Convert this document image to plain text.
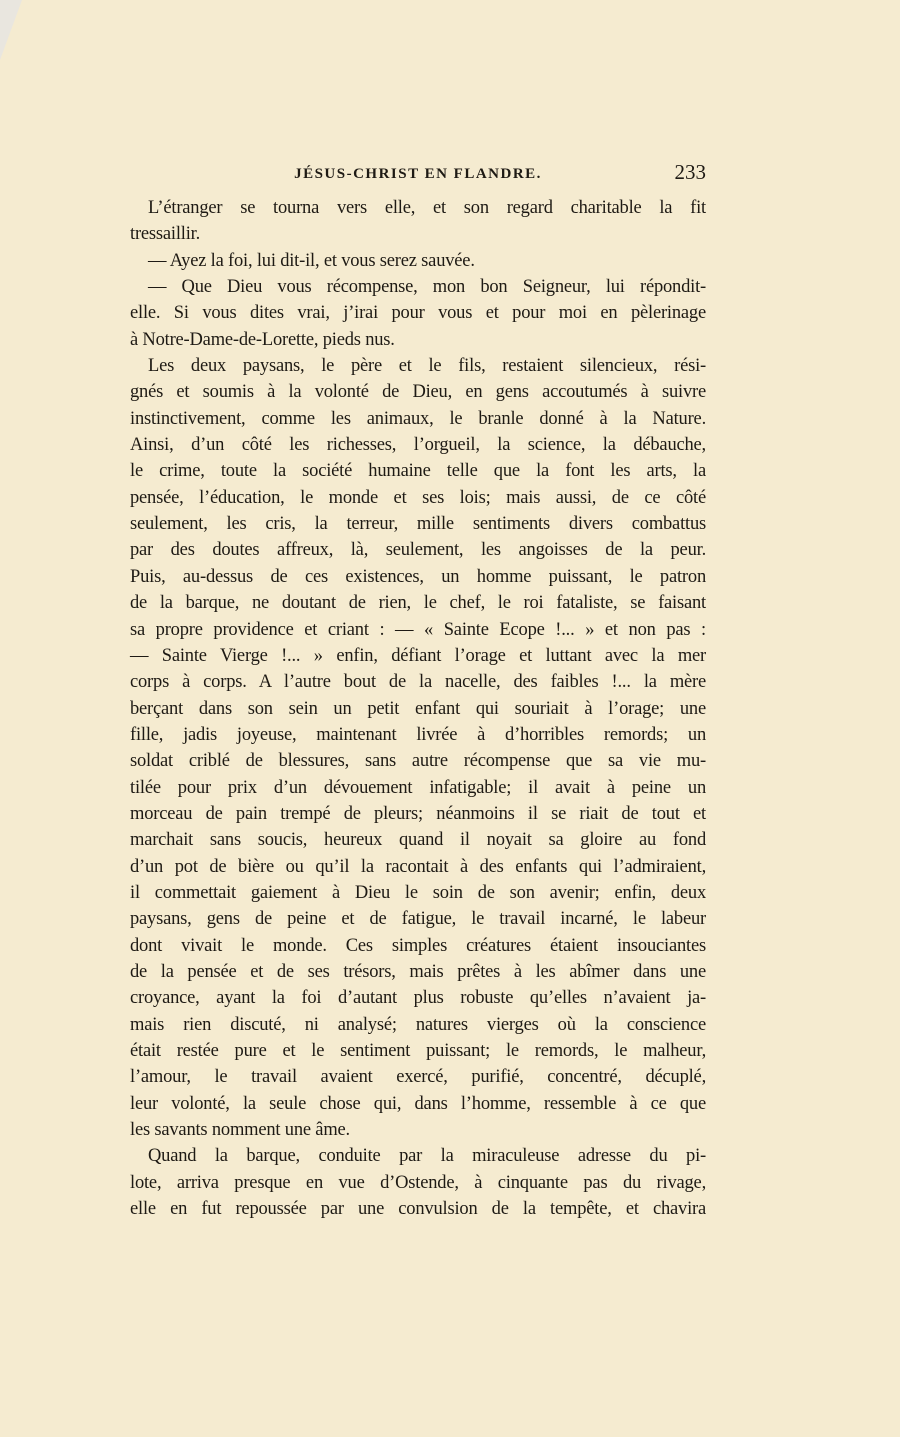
JÉSUS-CHRIST EN FLANDRE.	233
L’étranger se tourna vers elle, et son regard charitable la fit
tressaillir.
— Ayez la foi, lui dit-il, et vous serez sauvée.
— Que Dieu vous récompense, mon bon Seigneur, lui répondit-
elle. Si vous dites vrai, j’irai pour vous et pour moi en pèlerinage
à Notre-Dame-de-Lorette, pieds nus.
Les deux paysans, le père et le fils, restaient silencieux, rési-
gnés et soumis à la volonté de Dieu, en gens accoutumés à suivre
instinctivement, comme les animaux, le branle donné à la Nature.
Ainsi, d’un côté les richesses, l’orgueil, la science, la débauche,
le crime, toute la société humaine telle que la font les arts, la
pensée, l’éducation, le monde et ses lois; mais aussi, de ce côté
seulement, les cris, la terreur, mille sentiments divers combattus
par des doutes affreux, là, seulement, les angoisses de la peur.
Puis, au-dessus de ces existences, un homme puissant, le patron
de la barque, ne doutant de rien, le chef, le roi fataliste, se faisant
sa propre providence et criant : — « Sainte Ecope !... » et non pas :
— Sainte Vierge !... » enfin, défiant l’orage et luttant avec la mer
corps à corps. A l’autre bout de la nacelle, des faibles !... la mère
berçant dans son sein un petit enfant qui souriait à l’orage; une
fille, jadis joyeuse, maintenant livrée à d’horribles remords; un
soldat criblé de blessures, sans autre récompense que sa vie mu-
tilée pour prix d’un dévouement infatigable; il avait à peine un
morceau de pain trempé de pleurs; néanmoins il se riait de tout et
marchait sans soucis, heureux quand il noyait sa gloire au fond
d’un pot de bière ou qu’il la racontait à des enfants qui l’admiraient,
il commettait gaiement à Dieu le soin de son avenir; enfin, deux
paysans, gens de peine et de fatigue, le travail incarné, le labeur
dont vivait le monde. Ces simples créatures étaient insouciantes
de la pensée et de ses trésors, mais prêtes à les abîmer dans une
croyance, ayant la foi d’autant plus robuste qu’elles n’avaient ja-
mais rien discuté, ni analysé; natures vierges où la conscience
était restée pure et le sentiment puissant; le remords, le malheur,
l’amour, le travail avaient exercé, purifié, concentré, décuplé,
leur volonté, la seule chose qui, dans l’homme, ressemble à ce que
les savants nomment une âme.
Quand la barque, conduite par la miraculeuse adresse du pi-
lote, arriva presque en vue d’Ostende, à cinquante pas du rivage,
elle en fut repoussée par une convulsion de la tempête, et chavira
